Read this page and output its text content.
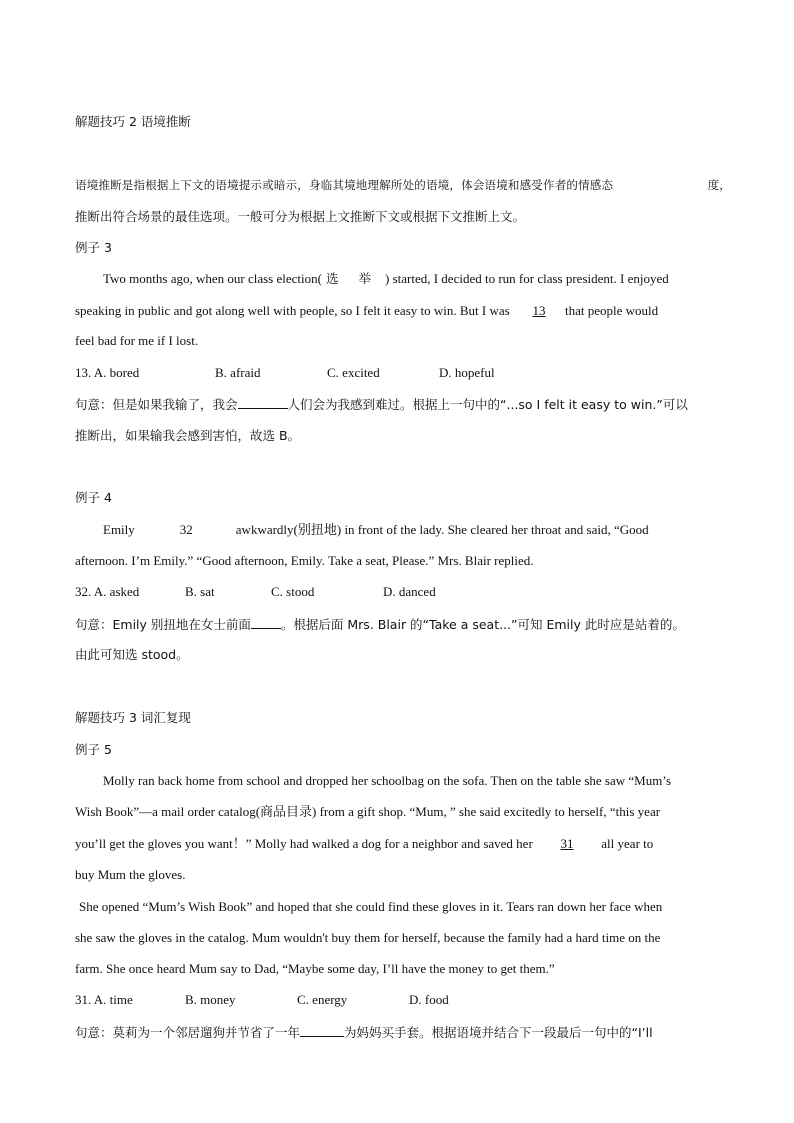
解题技巧 2 语境推断
语境推断是指根据上下文的语境提示或暗示，身临其境地理解所处的语境，体会语境和感受作者的情感态	度，
推断出符合场景的最佳选项。一般可分为根据上文推断下文或根据下文推断上文。
例子 3
Two months ago, when our class election( 选 举 ) started, I decided to run for class president. I enjoyed
speaking in public and got along well with people, so I felt it easy to win. But I was 13 that people would
feel bad for me if I lost.
13. A. bored	B. afraid	C. excited	D. hopeful
句意：但是如果我输了，我会	人们会为我感到难过。根据上一句中的“...so I felt it easy to win.”可以
推断出，如果输我会感到害怕，故选 B。
例子 4
Emily	32	awkwardly(别扭地) in front of the lady. She cleared her throat and said, “Good
afternoon. I’m Emily.” “Good afternoon, Emily. Take a seat, Please.” Mrs. Blair replied.
32. A. asked	B. sat	C. stood	D. danced
句意：Emily 别扭地在女士前面 。根据后面 Mrs. Blair 的“Take a seat...”可知 Emily 此时应是站着的。
由此可知选 stood。
解题技巧 3 词汇复现
例子 5
Molly ran back home from school and dropped her schoolbag on the sofa. Then on the table she saw “Mum’s
Wish Book”—a mail order catalog(商品目录) from a gift shop. “Mum, ” she said excitedly to herself, “this year
you’ll get the gloves you want！” Molly had walked a dog for a neighbor and saved her 31 all year to
buy Mum the gloves.
She opened “Mum’s Wish Book” and hoped that she could find these gloves in it. Tears ran down her face when
she saw the gloves in the catalog. Mum wouldn't buy them for herself, because the family had a hard time on the
farm. She once heard Mum say to Dad, “Maybe some day, I’ll have the money to get them.”
31. A. time	B. money	C. energy	D. food
句意：莫莉为一个邻居遛狗并节省了一年	为妈妈买手套。根据语境并结合下一段最后一句中的“I’ll
